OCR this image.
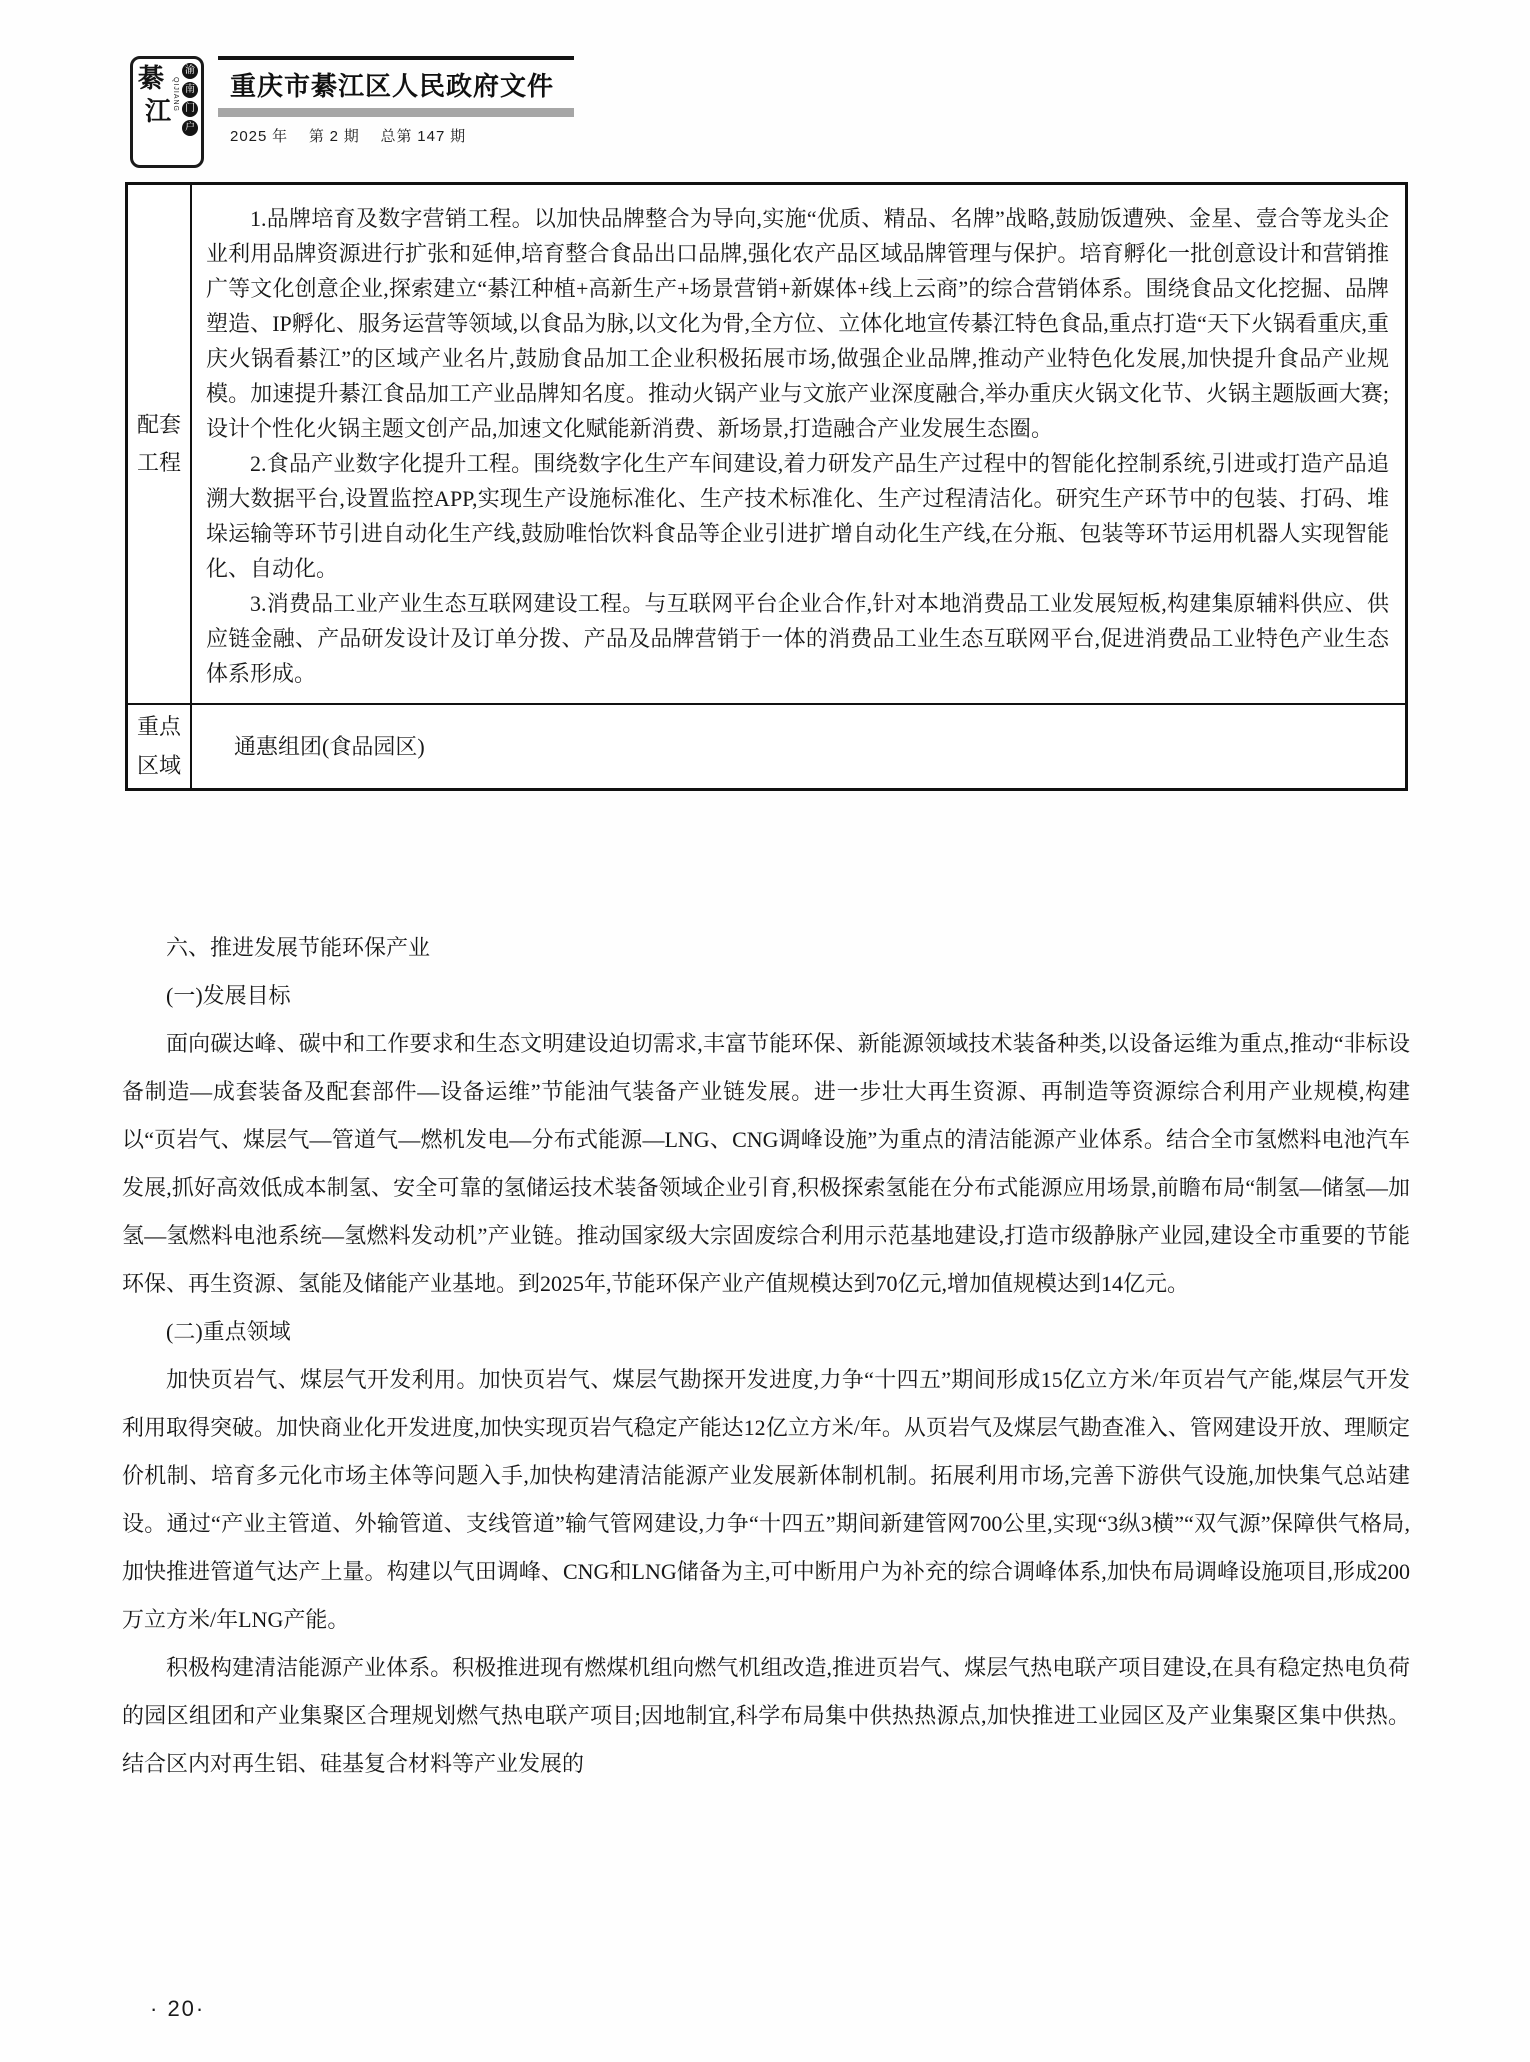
綦
江 QIJIANG
渝
南
门
户
重庆市綦江区人民政府文件
2025 年 第 2 期 总第 147 期
配套工程

1.品牌培育及数字营销工程。以加快品牌整合为导向,实施“优质、精品、名牌”战略,鼓励饭遭殃、金星、壹合等龙头企业利用品牌资源进行扩张和延伸,培育整合食品出口品牌,强化农产品区域品牌管理与保护。培育孵化一批创意设计和营销推广等文化创意企业,探索建立“綦江种植+高新生产+场景营销+新媒体+线上云商”的综合营销体系。围绕食品文化挖掘、品牌塑造、IP孵化、服务运营等领域,以食品为脉,以文化为骨,全方位、立体化地宣传綦江特色食品,重点打造“天下火锅看重庆,重庆火锅看綦江”的区域产业名片,鼓励食品加工企业积极拓展市场,做强企业品牌,推动产业特色化发展,加快提升食品产业规模。加速提升綦江食品加工产业品牌知名度。推动火锅产业与文旅产业深度融合,举办重庆火锅文化节、火锅主题版画大赛;设计个性化火锅主题文创产品,加速文化赋能新消费、新场景,打造融合产业发展生态圈。

2.食品产业数字化提升工程。围绕数字化生产车间建设,着力研发产品生产过程中的智能化控制系统,引进或打造产品追溯大数据平台,设置监控APP,实现生产设施标准化、生产技术标准化、生产过程清洁化。研究生产环节中的包装、打码、堆垛运输等环节引进自动化生产线,鼓励唯怡饮料食品等企业引进扩增自动化生产线,在分瓶、包装等环节运用机器人实现智能化、自动化。

3.消费品工业产业生态互联网建设工程。与互联网平台企业合作,针对本地消费品工业发展短板,构建集原辅料供应、供应链金融、产品研发设计及订单分拨、产品及品牌营销于一体的消费品工业生态互联网平台,促进消费品工业特色产业生态体系形成。

重点区域
通惠组团(食品园区)

六、推进发展节能环保产业

(一)发展目标

面向碳达峰、碳中和工作要求和生态文明建设迫切需求,丰富节能环保、新能源领域技术装备种类,以设备运维为重点,推动“非标设备制造—成套装备及配套部件—设备运维”节能油气装备产业链发展。进一步壮大再生资源、再制造等资源综合利用产业规模,构建以“页岩气、煤层气—管道气—燃机发电—分布式能源—LNG、CNG调峰设施”为重点的清洁能源产业体系。结合全市氢燃料电池汽车发展,抓好高效低成本制氢、安全可靠的氢储运技术装备领域企业引育,积极探索氢能在分布式能源应用场景,前瞻布局“制氢—储氢—加氢—氢燃料电池系统—氢燃料发动机”产业链。推动国家级大宗固废综合利用示范基地建设,打造市级静脉产业园,建设全市重要的节能环保、再生资源、氢能及储能产业基地。到2025年,节能环保产业产值规模达到70亿元,增加值规模达到14亿元。

(二)重点领域

加快页岩气、煤层气开发利用。加快页岩气、煤层气勘探开发进度,力争“十四五”期间形成15亿立方米/年页岩气产能,煤层气开发利用取得突破。加快商业化开发进度,加快实现页岩气稳定产能达12亿立方米/年。从页岩气及煤层气勘查准入、管网建设开放、理顺定价机制、培育多元化市场主体等问题入手,加快构建清洁能源产业发展新体制机制。拓展利用市场,完善下游供气设施,加快集气总站建设。通过“产业主管道、外输管道、支线管道”输气管网建设,力争“十四五”期间新建管网700公里,实现“3纵3横”“双气源”保障供气格局,加快推进管道气达产上量。构建以气田调峰、CNG和LNG储备为主,可中断用户为补充的综合调峰体系,加快布局调峰设施项目,形成200万立方米/年LNG产能。

积极构建清洁能源产业体系。积极推进现有燃煤机组向燃气机组改造,推进页岩气、煤层气热电联产项目建设,在具有稳定热电负荷的园区组团和产业集聚区合理规划燃气热电联产项目;因地制宜,科学布局集中供热热源点,加快推进工业园区及产业集聚区集中供热。结合区内对再生铝、硅基复合材料等产业发展的

· 20·
